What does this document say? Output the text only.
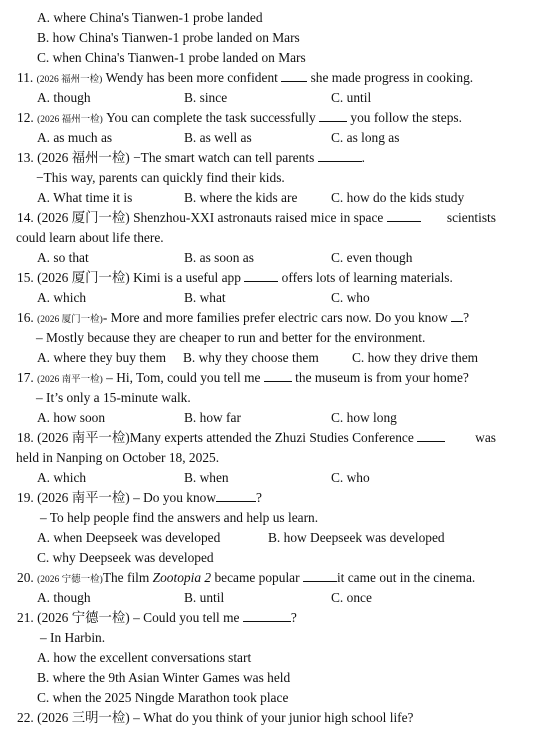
A. where China's Tianwen-1 probe landed
B. how China's Tianwen-1 probe landed on Mars
C. when China's Tianwen-1 probe landed on Mars
11. (2026 福州一检) Wendy has been more confident she made progress in cooking.
A. though	B. since	C. until
12. (2026 福州一检) You can complete the task successfully	you follow the steps.
A. as much as	B. as well as	C. as long as
13. (2026 福州一检) −The smart watch can tell parents	.
−This way, parents can quickly find their kids.
A. What time it is	B. where the kids are	C. how do the kids study
14. (2026 厦门一检) Shenzhou-XXI astronauts raised mice in space	scientists
could learn about life there.
A. so that	B. as soon as	C. even though
15. (2026 厦门一检) Kimi is a useful app	offers lots of learning materials.
A. which	B. what	C. who
16. (2026 厦门一检)- More and more families prefer electric cars now. Do you know ?
– Mostly because they are cheaper to run and better for the environment.
A. where they buy them B. why they choose them C. how they drive them
17. (2026 南平一检) – Hi, Tom, could you tell me	the museum is from your home?
– It’s only a 15-minute walk.
A. how soon	B. how far	C. how long
18. (2026 南平一检)Many experts attended the Zhuzi Studies Conference	was
held in Nanping on October 18, 2025.
A. which	B. when	C. who
19. (2026 南平一检) – Do you know	?
– To help people find the answers and help us learn.
A. when Deepseek was developed	B. how Deepseek was developed
C. why Deepseek was developed
20. (2026 宁德一检)The film Zootopia 2 became popular	it came out in the cinema.
A. though	B. until	C. once
21. (2026 宁德一检) – Could you tell me	?
– In Harbin.
A. how the excellent conversations start
B. where the 9th Asian Winter Games was held
C. when the 2025 Ningde Marathon took place
22. (2026 三明一检) – What do you think of your junior high school life?
